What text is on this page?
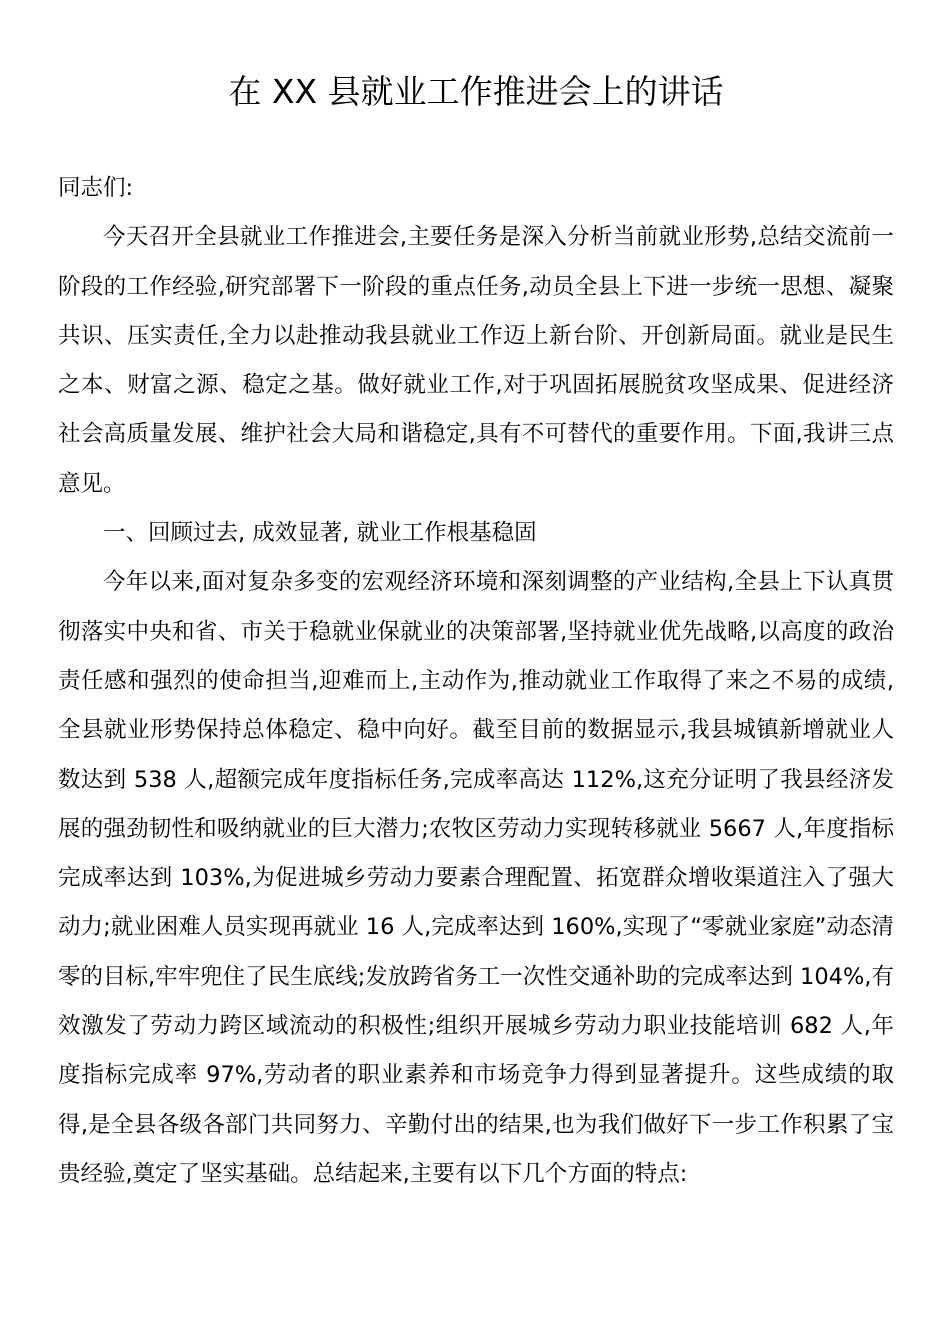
在 XX 县就业工作推进会上的讲话

同志们:

今天召开全县就业工作推进会,主要任务是深入分析当前就业形势,总结交流前一阶段的工作经验,研究部署下一阶段的重点任务,动员全县上下进一步统一思想、凝聚共识、压实责任,全力以赴推动我县就业工作迈上新台阶、开创新局面。就业是民生之本、财富之源、稳定之基。做好就业工作,对于巩固拓展脱贫攻坚成果、促进经济社会高质量发展、维护社会大局和谐稳定,具有不可替代的重要作用。下面,我讲三点意见。

一、回顾过去, 成效显著, 就业工作根基稳固

今年以来,面对复杂多变的宏观经济环境和深刻调整的产业结构,全县上下认真贯彻落实中央和省、市关于稳就业保就业的决策部署,坚持就业优先战略,以高度的政治责任感和强烈的使命担当,迎难而上,主动作为,推动就业工作取得了来之不易的成绩,全县就业形势保持总体稳定、稳中向好。截至目前的数据显示,我县城镇新增就业人数达到 538 人,超额完成年度指标任务,完成率高达 112%,这充分证明了我县经济发展的强劲韧性和吸纳就业的巨大潜力;农牧区劳动力实现转移就业 5667 人,年度指标完成率达到 103%,为促进城乡劳动力要素合理配置、拓宽群众增收渠道注入了强大动力;就业困难人员实现再就业 16 人,完成率达到 160%,实现了“零就业家庭”动态清零的目标,牢牢兜住了民生底线;发放跨省务工一次性交通补助的完成率达到 104%,有效激发了劳动力跨区域流动的积极性;组织开展城乡劳动力职业技能培训 682 人,年度指标完成率 97%,劳动者的职业素养和市场竞争力得到显著提升。这些成绩的取得,是全县各级各部门共同努力、辛勤付出的结果,也为我们做好下一步工作积累了宝贵经验,奠定了坚实基础。总结起来,主要有以下几个方面的特点:
